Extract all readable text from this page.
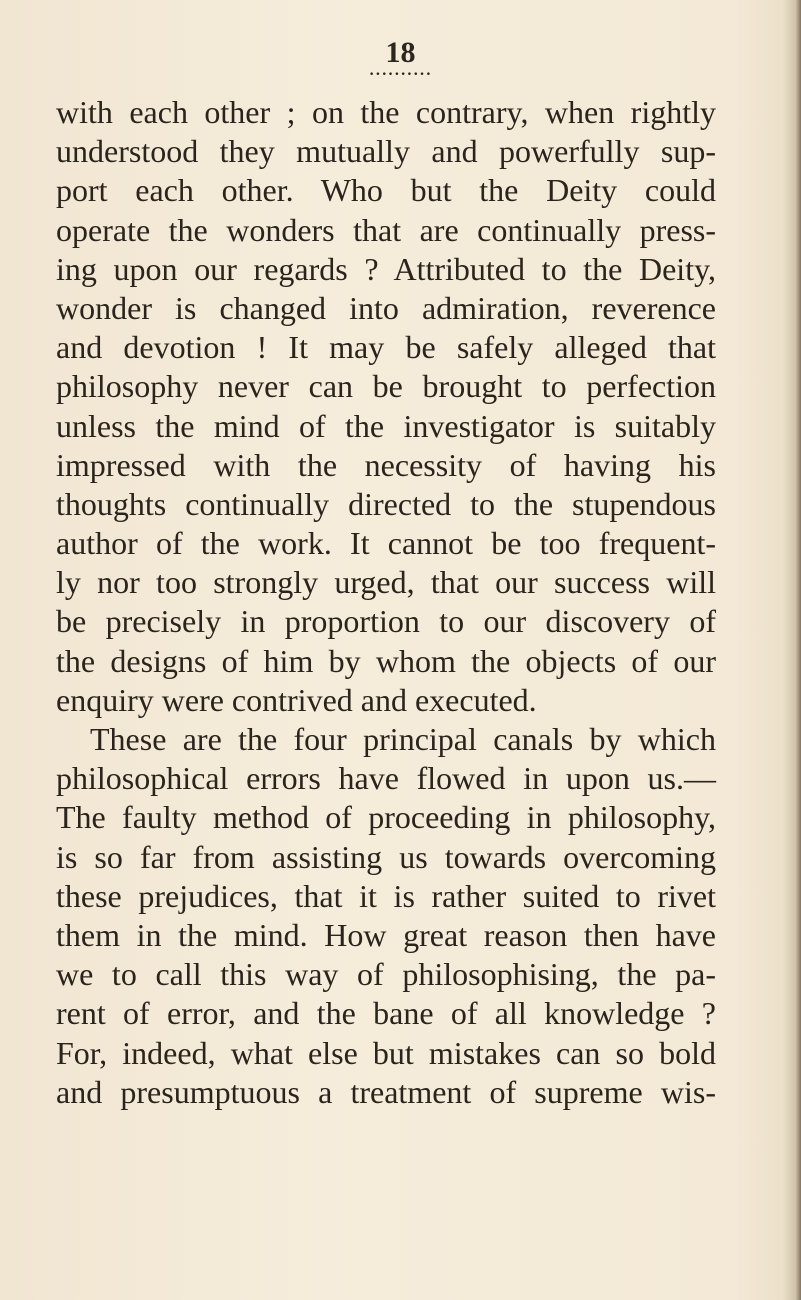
18
••••••••••
with each other ; on the contrary, when rightly
understood they mutually and powerfully sup-
port each other. Who but the Deity could
operate the wonders that are continually press-
ing upon our regards ? Attributed to the Deity,
wonder is changed into admiration, reverence
and devotion ! It may be safely alleged that
philosophy never can be brought to perfection
unless the mind of the investigator is suitably
impressed with the necessity of having his
thoughts continually directed to the stupendous
author of the work. It cannot be too frequent-
ly nor too strongly urged, that our success will
be precisely in proportion to our discovery of
the designs of him by whom the objects of our
enquiry were contrived and executed.
These are the four principal canals by which
philosophical errors have flowed in upon us.—
The faulty method of proceeding in philosophy,
is so far from assisting us towards overcoming
these prejudices, that it is rather suited to rivet
them in the mind. How great reason then have
we to call this way of philosophising, the pa-
rent of error, and the bane of all knowledge ?
For, indeed, what else but mistakes can so bold
and presumptuous a treatment of supreme wis-
